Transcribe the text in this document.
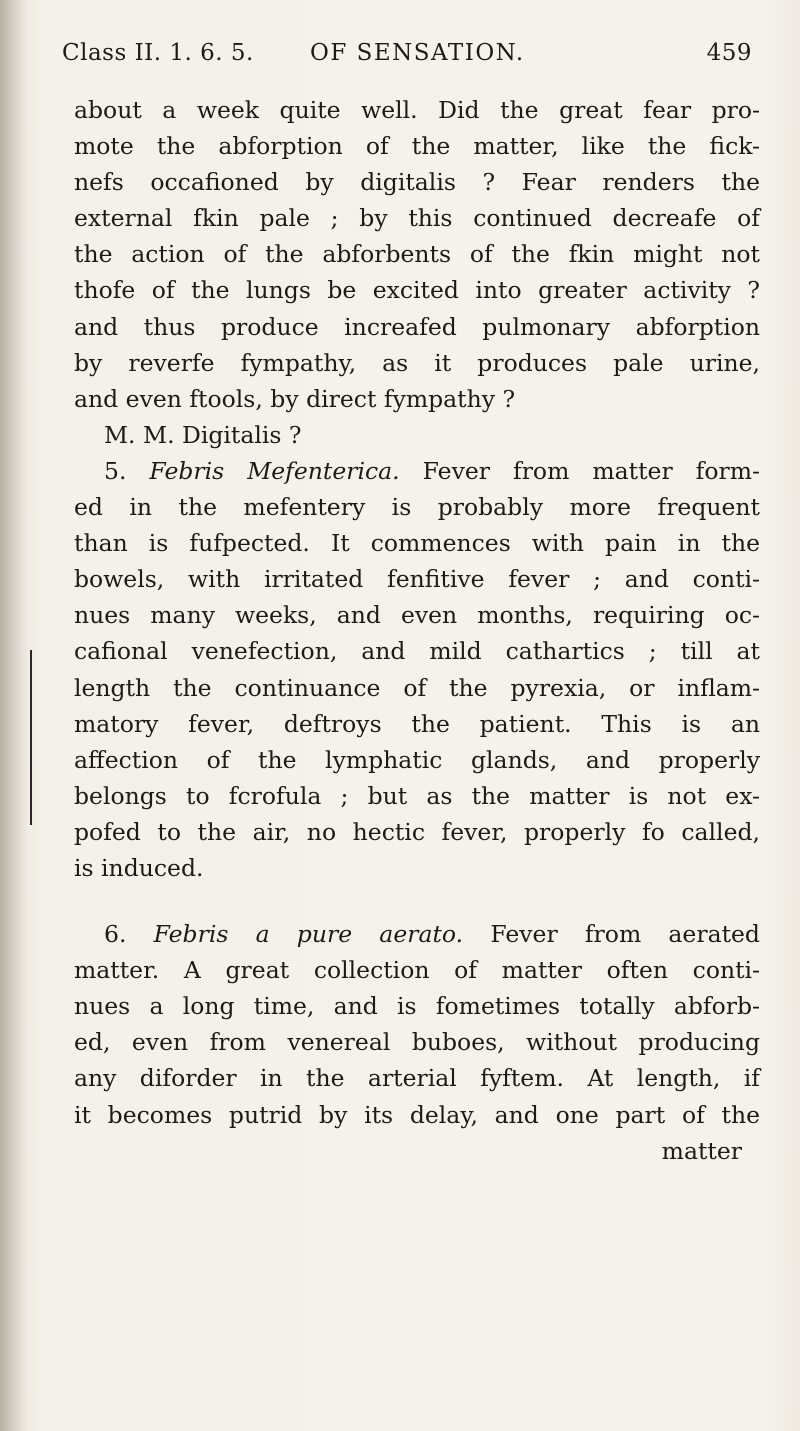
Class II. 1. 6. 5. OF SENSATION.	459
about a week quite well. Did the great fear pro-
mote the abforption of the matter, like the fick-
nefs occafioned by digitalis ? Fear renders the
external fkin pale ; by this continued decreafe of
the action of the abforbents of the fkin might not
thofe of the lungs be excited into greater activity ?
and thus produce increafed pulmonary abforption
by reverfe fympathy, as it produces pale urine,
and even ftools, by direct fympathy ?
M. M. Digitalis ?
5. Febris Mefenterica. Fever from matter form-
ed in the mefentery is probably more frequent
than is fufpected. It commences with pain in the
bowels, with irritated fenfitive fever ; and conti-
nues many weeks, and even months, requiring oc-
cafional venefection, and mild cathartics ; till at
length the continuance of the pyrexia, or inflam-
matory fever, deftroys the patient. This is an
affection of the lymphatic glands, and properly
belongs to fcrofula ; but as the matter is not ex-
pofed to the air, no hectic fever, properly fo called,
is induced.
6. Febris a pure aerato. Fever from aerated
matter. A great collection of matter often conti-
nues a long time, and is fometimes totally abforb-
ed, even from venereal buboes, without producing
any diforder in the arterial fyftem. At length, if
it becomes putrid by its delay, and one part of the
matter
